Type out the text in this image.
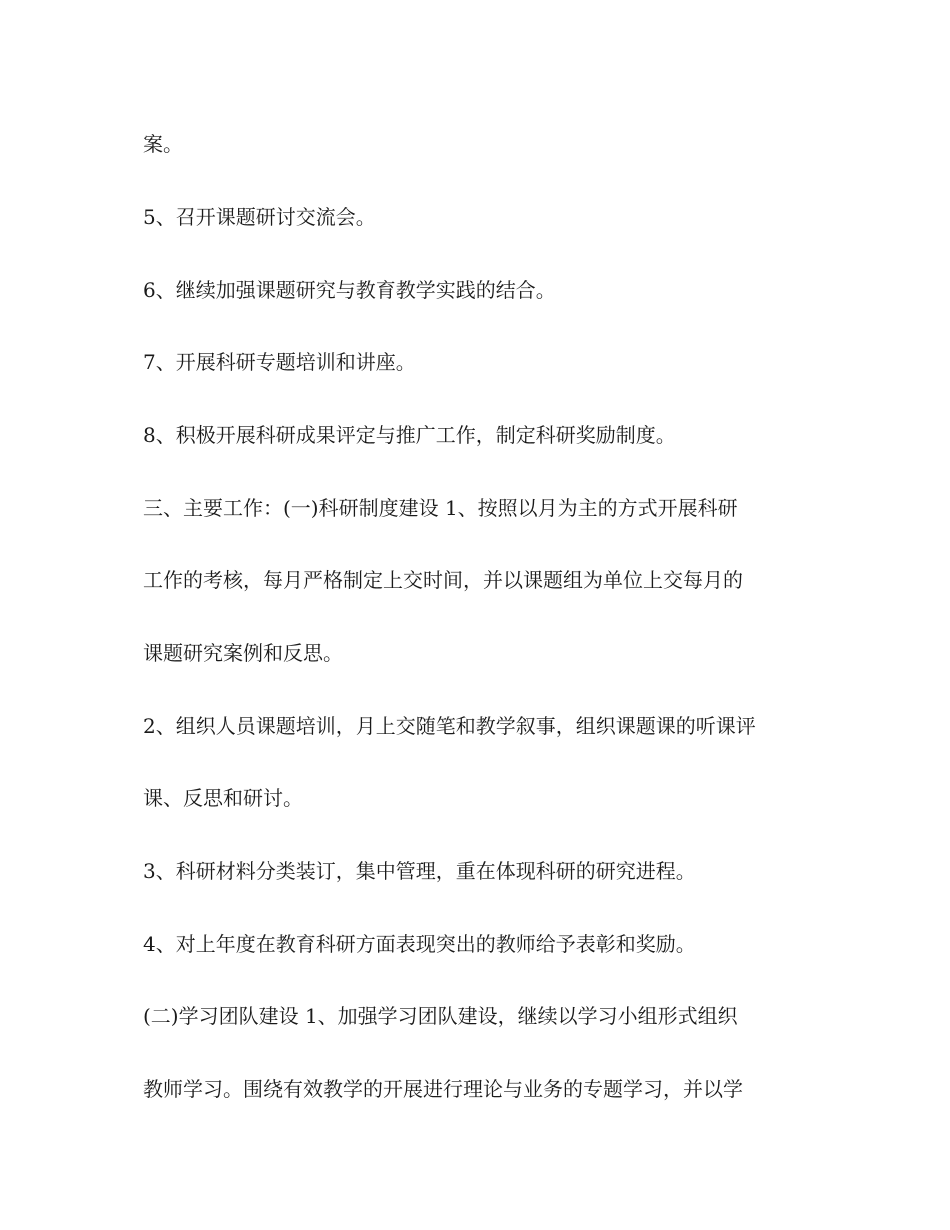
案。
5、召开课题研讨交流会。
6、继续加强课题研究与教育教学实践的结合。
7、开展科研专题培训和讲座。
8、积极开展科研成果评定与推广工作，制定科研奖励制度。
三、主要工作：(一)科研制度建设 1、按照以月为主的方式开展科研
工作的考核，每月严格制定上交时间，并以课题组为单位上交每月的
课题研究案例和反思。
2、组织人员课题培训，月上交随笔和教学叙事，组织课题课的听课评
课、反思和研讨。
3、科研材料分类装订，集中管理，重在体现科研的研究进程。
4、对上年度在教育科研方面表现突出的教师给予表彰和奖励。
(二)学习团队建设 1、加强学习团队建设，继续以学习小组形式组织
教师学习。围绕有效教学的开展进行理论与业务的专题学习，并以学
